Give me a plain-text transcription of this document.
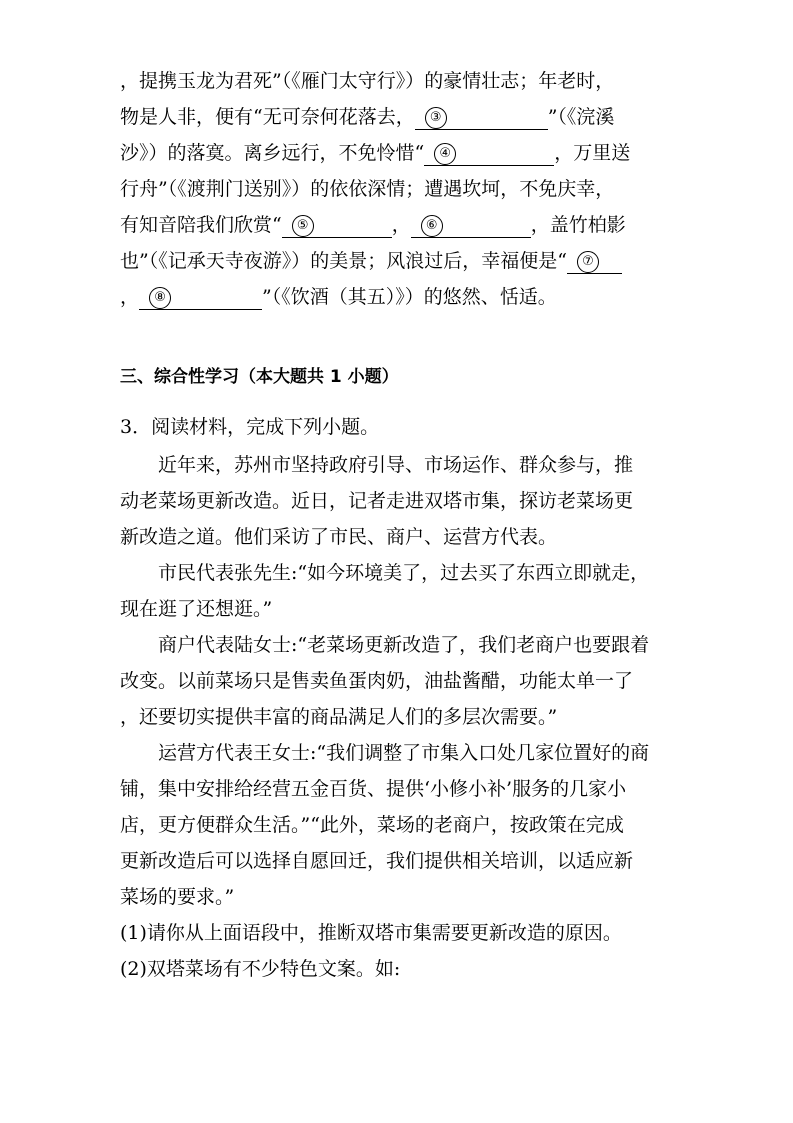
，提携玉龙为君死”（《雁门太守行》）的豪情壮志；年老时，
物是人非，便有“无可奈何花落去， ③	”（《浣溪
沙》）的落寞。离乡远行，不免怜惜“ ④	，万里送
行舟”（《渡荆门送别》）的依依深情；遭遇坎坷，不免庆幸，
有知音陪我们欣赏“ ⑤	， ⑥	，盖竹柏影
也”（《记承天寺夜游》）的美景；风浪过后，幸福便是“ ⑦
， ⑧	”（《饮酒（其五）》）的悠然、恬适。
三、综合性学习（本大题共 1 小题）
3．阅读材料，完成下列小题。
近年来，苏州市坚持政府引导、市场运作、群众参与，推
动老菜场更新改造。近日，记者走进双塔市集，探访老菜场更
新改造之道。他们采访了市民、商户、运营方代表。
市民代表张先生:“如今环境美了，过去买了东西立即就走，
现在逛了还想逛。”
商户代表陆女士:“老菜场更新改造了，我们老商户也要跟着
改变。以前菜场只是售卖鱼蛋肉奶，油盐酱醋，功能太单一了
，还要切实提供丰富的商品满足人们的多层次需要。”
运营方代表王女士:“我们调整了市集入口处几家位置好的商
铺，集中安排给经营五金百货、提供‘小修小补’服务的几家小
店，更方便群众生活。”“此外，菜场的老商户，按政策在完成
更新改造后可以选择自愿回迁，我们提供相关培训，以适应新
菜场的要求。”
(1)请你从上面语段中，推断双塔市集需要更新改造的原因。
(2)双塔菜场有不少特色文案。如:
